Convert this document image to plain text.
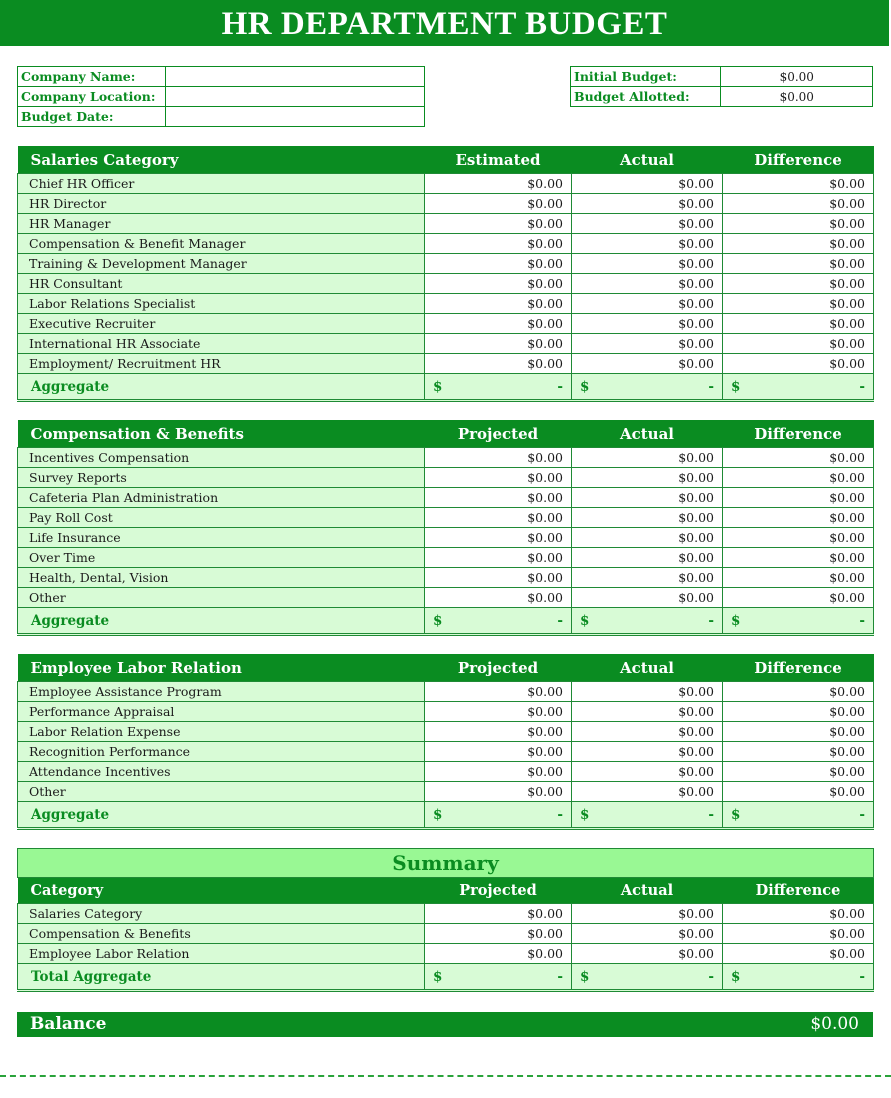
HR DEPARTMENT BUDGET
Company Name:	
Company Location:	
Budget Date:	
Initial Budget:	$0.00
Budget Allotted:	$0.00
Salaries Category	Estimated	Actual	Difference
Chief HR Officer	$0.00	$0.00	$0.00
HR Director	$0.00	$0.00	$0.00
HR Manager	$0.00	$0.00	$0.00
Compensation & Benefit Manager	$0.00	$0.00	$0.00
Training & Development Manager	$0.00	$0.00	$0.00
HR Consultant	$0.00	$0.00	$0.00
Labor Relations Specialist	$0.00	$0.00	$0.00
Executive Recruiter	$0.00	$0.00	$0.00
International HR Associate	$0.00	$0.00	$0.00
Employment/ Recruitment HR	$0.00	$0.00	$0.00
Aggregate	$ -	$ -	$ -
Compensation & Benefits	Projected	Actual	Difference
Incentives Compensation	$0.00	$0.00	$0.00
Survey Reports	$0.00	$0.00	$0.00
Cafeteria Plan Administration	$0.00	$0.00	$0.00
Pay Roll Cost	$0.00	$0.00	$0.00
Life Insurance	$0.00	$0.00	$0.00
Over Time	$0.00	$0.00	$0.00
Health, Dental, Vision	$0.00	$0.00	$0.00
Other	$0.00	$0.00	$0.00
Aggregate	$ -	$ -	$ -
Employee Labor Relation	Projected	Actual	Difference
Employee Assistance Program	$0.00	$0.00	$0.00
Performance Appraisal	$0.00	$0.00	$0.00
Labor Relation Expense	$0.00	$0.00	$0.00
Recognition Performance	$0.00	$0.00	$0.00
Attendance Incentives	$0.00	$0.00	$0.00
Other	$0.00	$0.00	$0.00
Aggregate	$ -	$ -	$ -
Summary			
Category	Projected	Actual	Difference
Salaries Category	$0.00	$0.00	$0.00
Compensation & Benefits	$0.00	$0.00	$0.00
Employee Labor Relation	$0.00	$0.00	$0.00
Total Aggregate	$ -	$ -	$ -
Balance	$0.00
